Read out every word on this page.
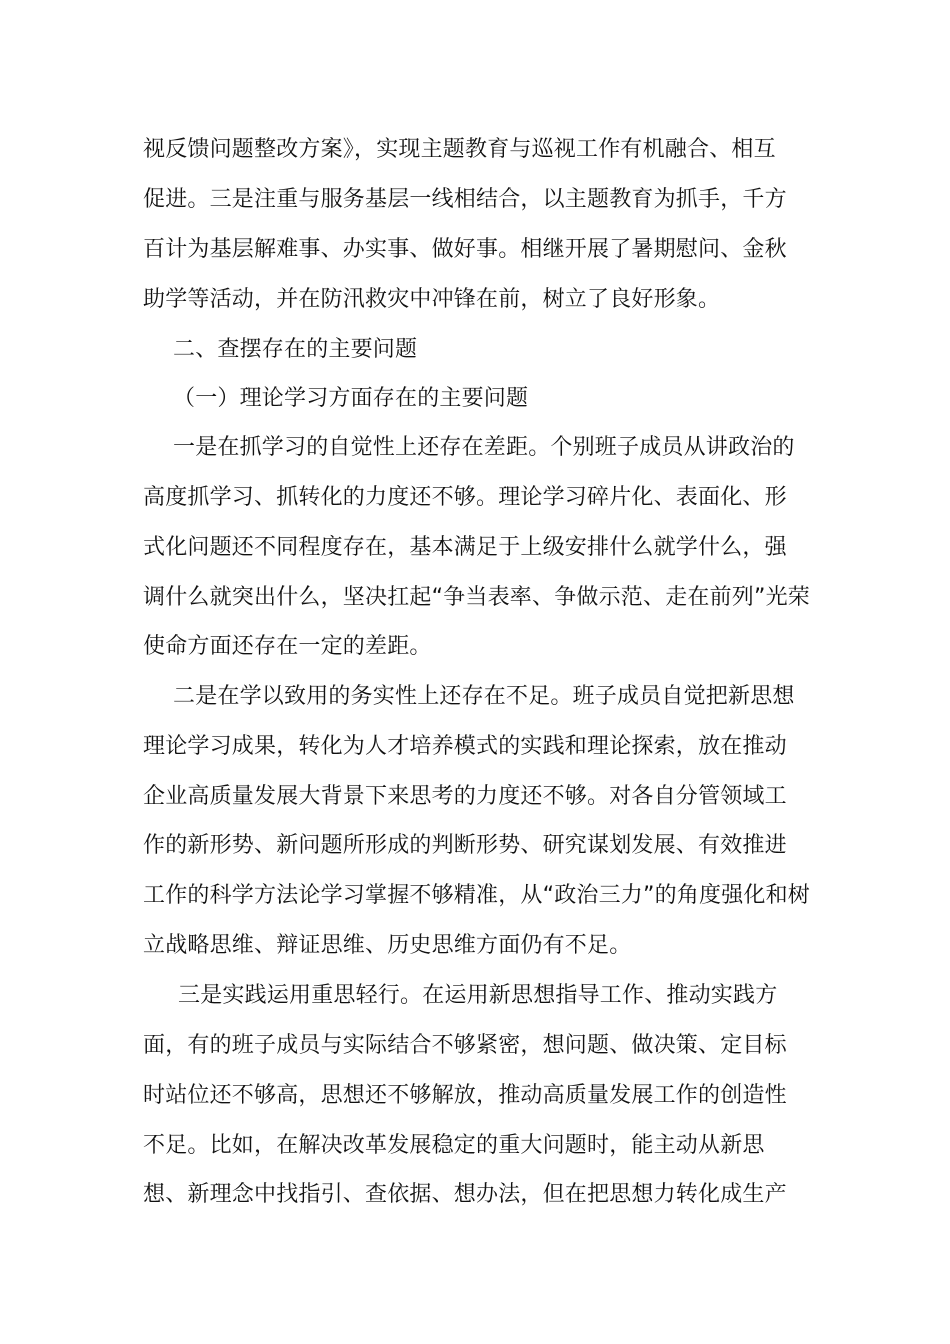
视反馈问题整改方案》，实现主题教育与巡视工作有机融合、相互
促进。三是注重与服务基层一线相结合，以主题教育为抓手，千方
百计为基层解难事、办实事、做好事。相继开展了暑期慰问、金秋
助学等活动，并在防汛救灾中冲锋在前，树立了良好形象。
二、查摆存在的主要问题
（一）理论学习方面存在的主要问题
一是在抓学习的自觉性上还存在差距。个别班子成员从讲政治的
高度抓学习、抓转化的力度还不够。理论学习碎片化、表面化、形
式化问题还不同程度存在，基本满足于上级安排什么就学什么，强
调什么就突出什么，坚决扛起“争当表率、争做示范、走在前列”光荣
使命方面还存在一定的差距。
二是在学以致用的务实性上还存在不足。班子成员自觉把新思想
理论学习成果，转化为人才培养模式的实践和理论探索，放在推动
企业高质量发展大背景下来思考的力度还不够。对各自分管领域工
作的新形势、新问题所形成的判断形势、研究谋划发展、有效推进
工作的科学方法论学习掌握不够精准，从“政治三力”的角度强化和树
立战略思维、辩证思维、历史思维方面仍有不足。
三是实践运用重思轻行。在运用新思想指导工作、推动实践方
面，有的班子成员与实际结合不够紧密，想问题、做决策、定目标
时站位还不够高，思想还不够解放，推动高质量发展工作的创造性
不足。比如，在解决改革发展稳定的重大问题时，能主动从新思
想、新理念中找指引、查依据、想办法，但在把思想力转化成生产
